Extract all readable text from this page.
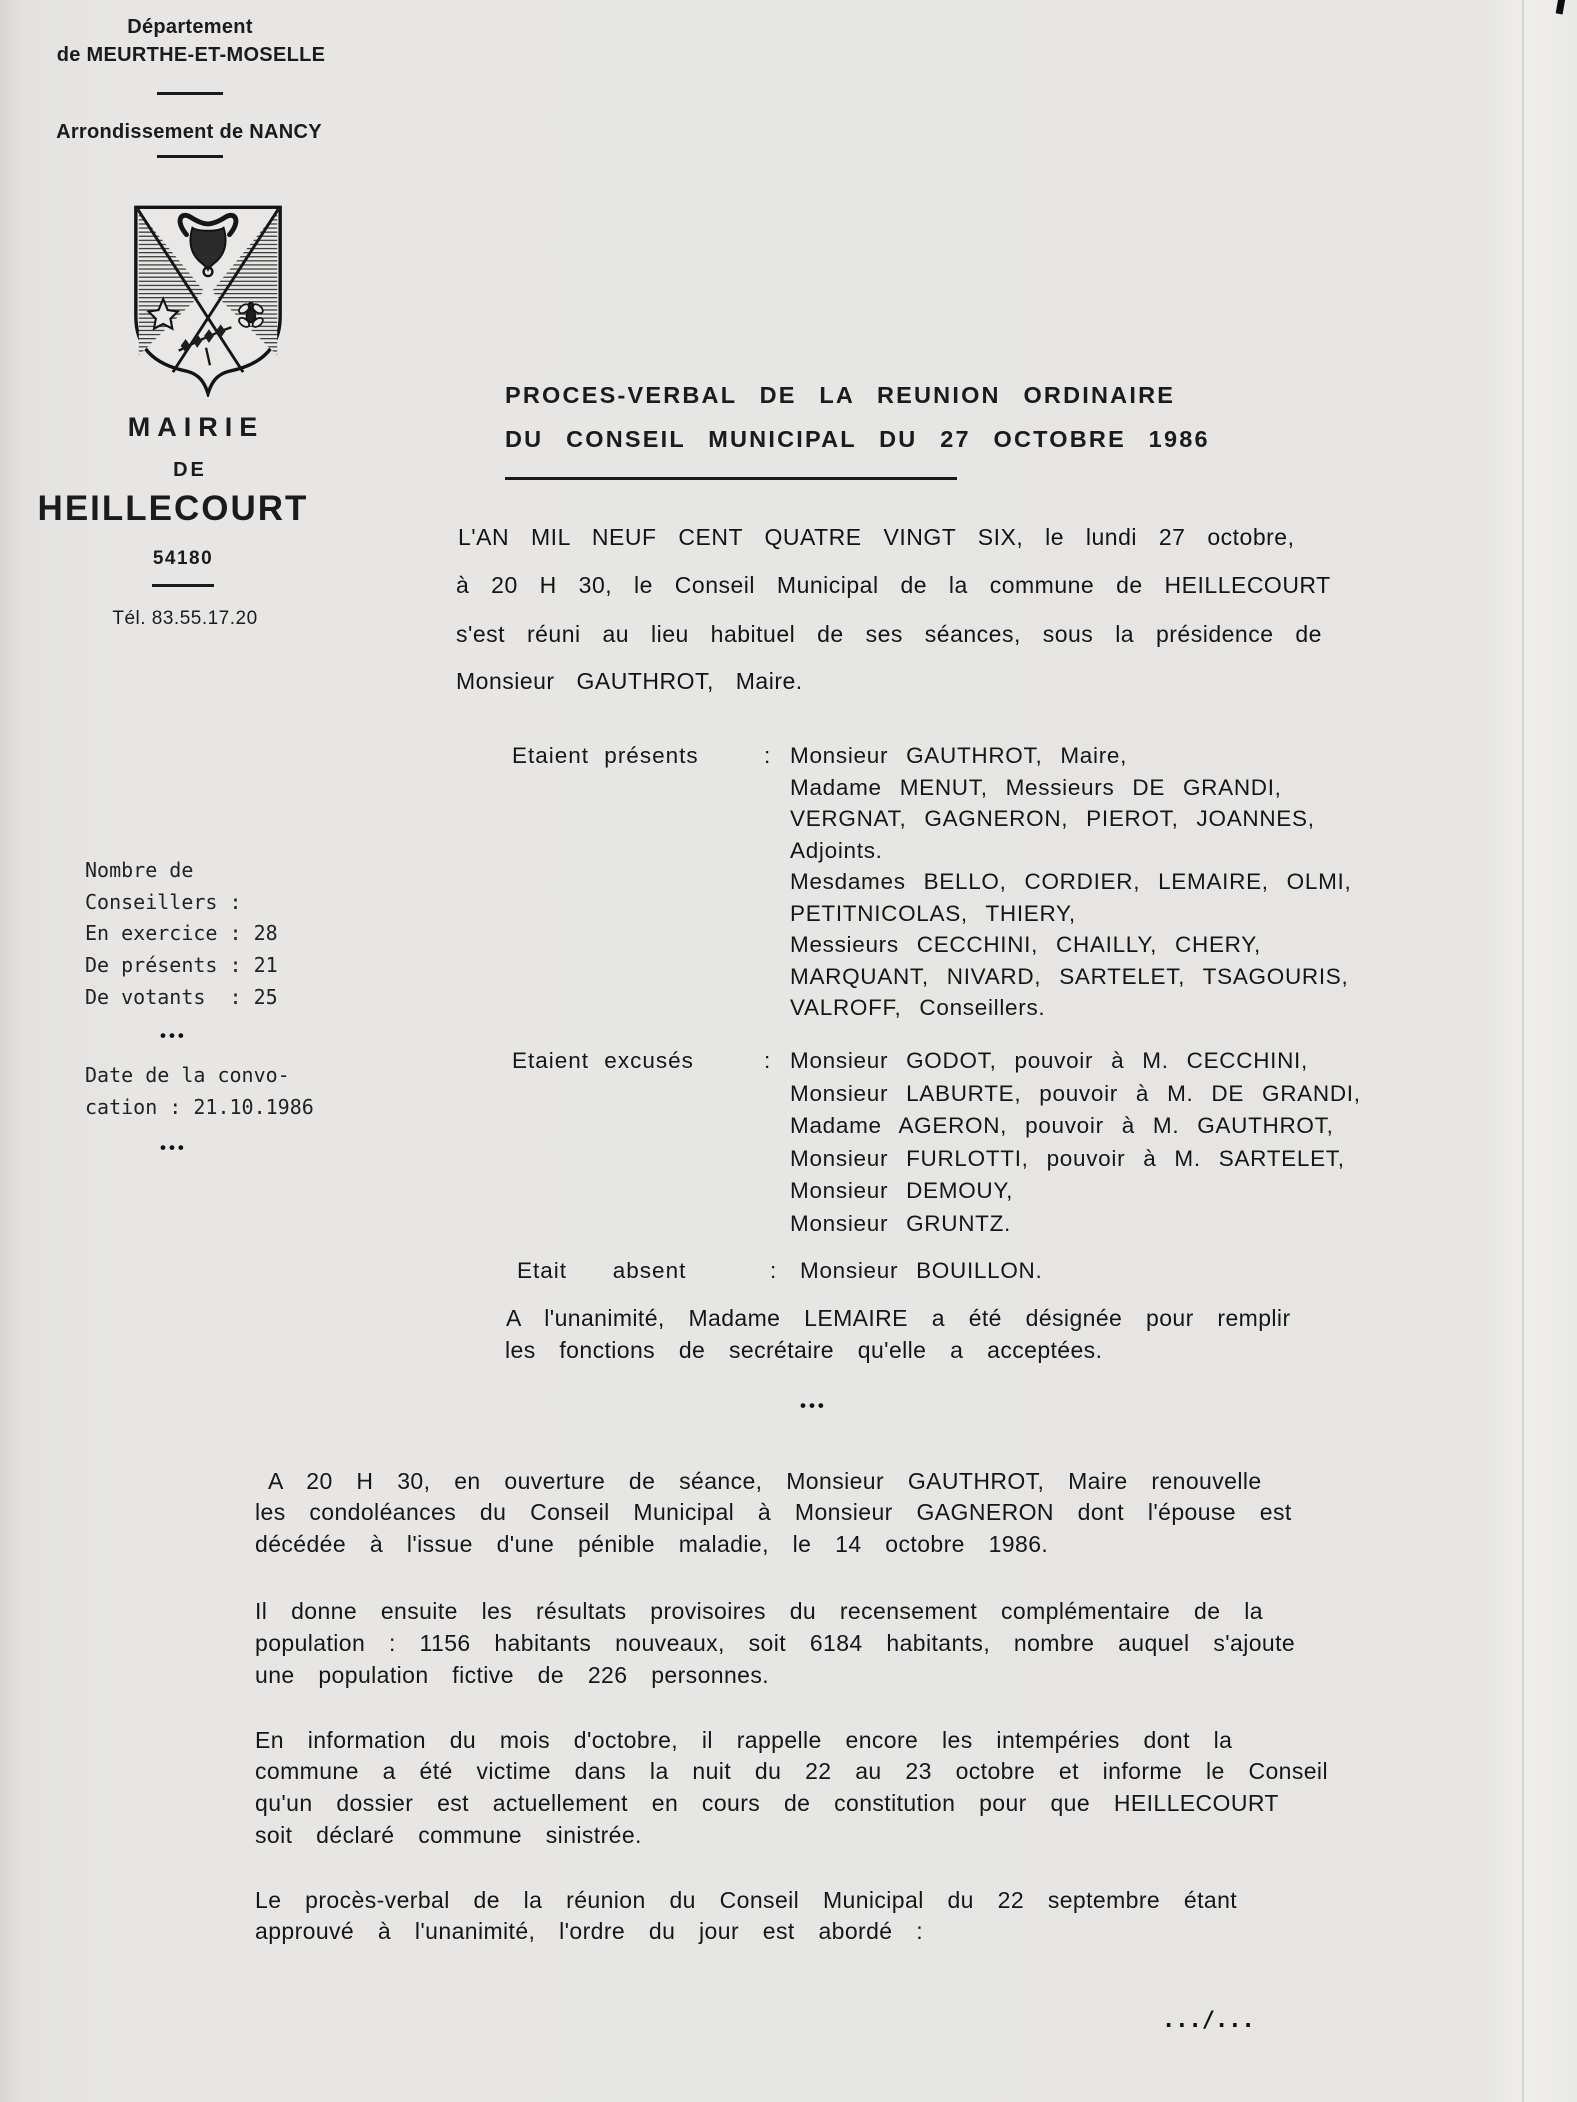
Département
de MEURTHE-ET-MOSELLE
Arrondissement de NANCY

MAIRIE
DE
HEILLECOURT
54180
Tél. 83.55.17.20
Nombre de
Conseillers :
En exercice : 28
De présents : 21
De votants  : 25
•••
Date de la convo-
cation : 21.10.1986
•••
PROCES-VERBAL DE LA REUNION ORDINAIRE
DU CONSEIL MUNICIPAL DU 27 OCTOBRE 1986
L'AN MIL NEUF CENT QUATRE VINGT SIX, le lundi 27 octobre,
à 20 H 30, le Conseil Municipal de la commune de HEILLECOURT
s'est réuni au lieu habituel de ses séances, sous la présidence de
Monsieur GAUTHROT, Maire.
Etaient présents	: Monsieur GAUTHROT, Maire,
Madame MENUT, Messieurs DE GRANDI,
VERGNAT, GAGNERON, PIEROT, JOANNES,
Adjoints.
Mesdames BELLO, CORDIER, LEMAIRE, OLMI,
PETITNICOLAS, THIERY,
Messieurs CECCHINI, CHAILLY, CHERY,
MARQUANT, NIVARD, SARTELET, TSAGOURIS,
VALROFF, Conseillers.
Etaient excusés	: Monsieur GODOT, pouvoir à M. CECCHINI,
Monsieur LABURTE, pouvoir à M. DE GRANDI,
Madame AGERON, pouvoir à M. GAUTHROT,
Monsieur FURLOTTI, pouvoir à M. SARTELET,
Monsieur DEMOUY,
Monsieur GRUNTZ.
Etait   absent	: Monsieur BOUILLON.
A l'unanimité, Madame LEMAIRE a été désignée pour remplir
les fonctions de secrétaire qu'elle a acceptées.
•••
A 20 H 30, en ouverture de séance, Monsieur GAUTHROT, Maire renouvelle
les condoléances du Conseil Municipal à Monsieur GAGNERON dont l'épouse est
décédée à l'issue d'une pénible maladie, le 14 octobre 1986.
Il donne ensuite les résultats provisoires du recensement complémentaire de la
population : 1156 habitants nouveaux, soit 6184 habitants, nombre auquel s'ajoute
une population fictive de 226 personnes.
En information du mois d'octobre, il rappelle encore les intempéries dont la
commune a été victime dans la nuit du 22 au 23 octobre et informe le Conseil
qu'un dossier est actuellement en cours de constitution pour que HEILLECOURT
soit déclaré commune sinistrée.
Le procès-verbal de la réunion du Conseil Municipal du 22 septembre étant
approuvé à l'unanimité, l'ordre du jour est abordé :
.../...
